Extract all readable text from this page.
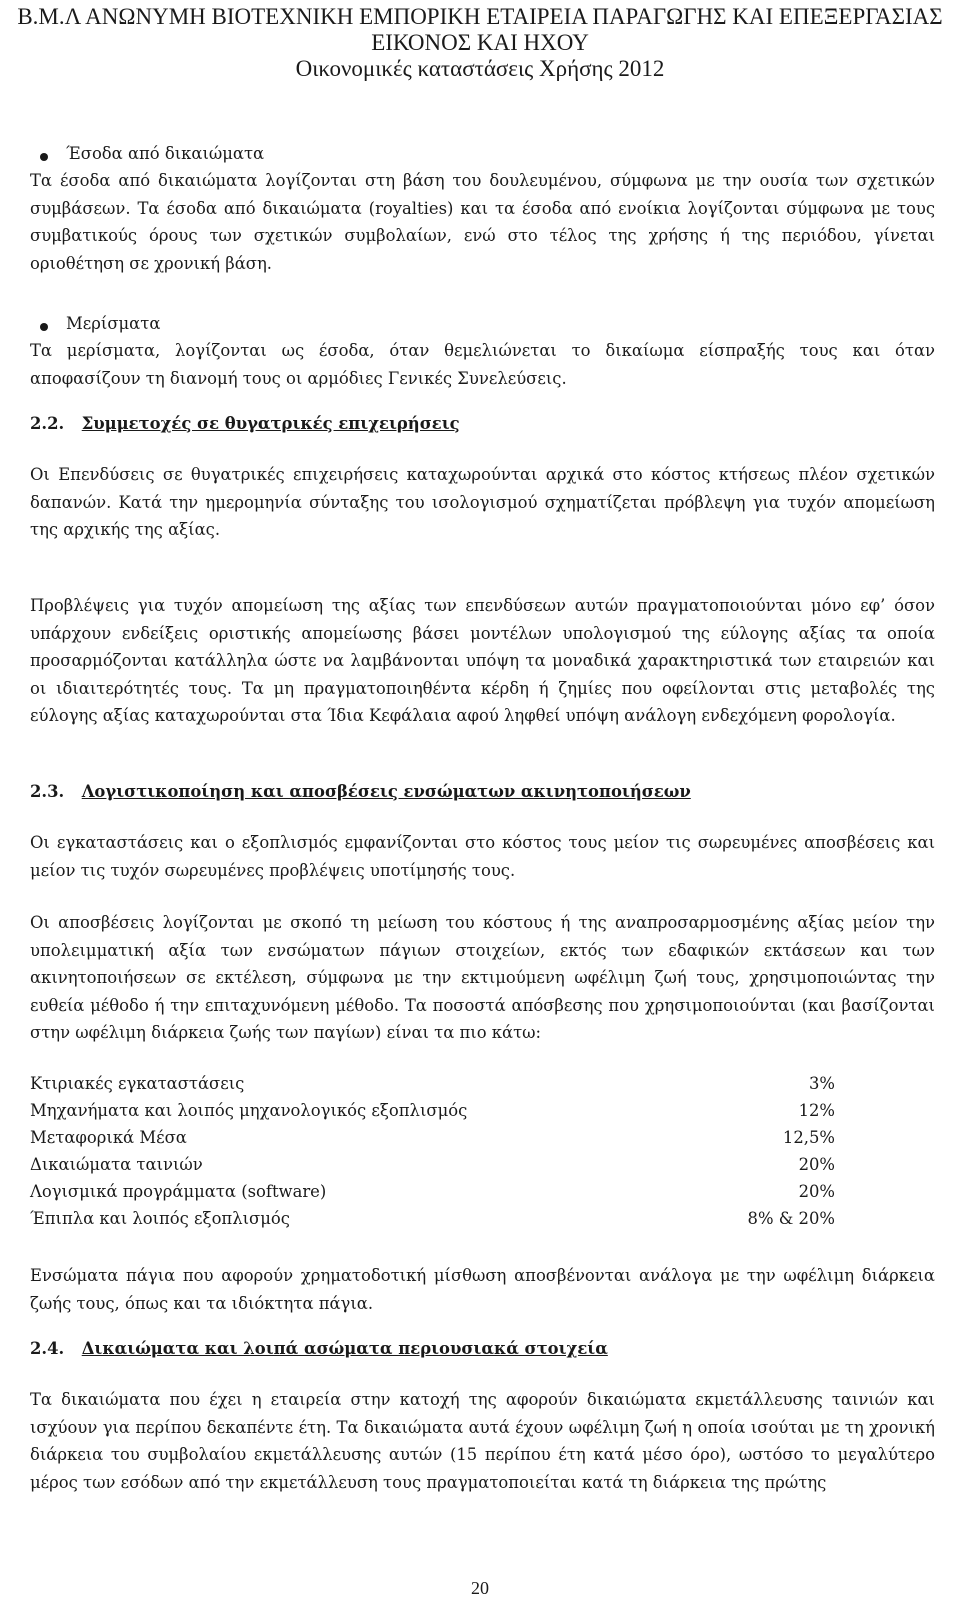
Β.Μ.Λ ΑΝΩΝΥΜΗ ΒΙΟΤΕΧΝΙΚΗ ΕΜΠΟΡΙΚΗ ΕΤΑΙΡΕΙΑ ΠΑΡΑΓΩΓΗΣ ΚΑΙ ΕΠΕΞΕΡΓΑΣΙΑΣ
ΕΙΚΟΝΟΣ ΚΑΙ ΗΧΟΥ
Οικονομικές καταστάσεις Χρήσης 2012
Έσοδα από δικαιώματα
Τα έσοδα από δικαιώματα λογίζονται στη βάση του δουλευμένου, σύμφωνα με την ουσία των σχετικών συμβάσεων. Τα έσοδα από δικαιώματα (royalties) και τα έσοδα από ενοίκια λογίζονται σύμφωνα με τους συμβατικούς όρους των σχετικών συμβολαίων, ενώ στο τέλος της χρήσης ή της περιόδου, γίνεται οριοθέτηση σε χρονική βάση.
Μερίσματα
Τα μερίσματα, λογίζονται ως έσοδα, όταν θεμελιώνεται το δικαίωμα είσπραξής τους και όταν αποφασίζουν τη διανομή τους οι αρμόδιες Γενικές Συνελεύσεις.
2.2. Συμμετοχές σε θυγατρικές επιχειρήσεις
Οι Επενδύσεις σε θυγατρικές επιχειρήσεις καταχωρούνται αρχικά στο κόστος κτήσεως πλέον σχετικών δαπανών. Κατά την ημερομηνία σύνταξης του ισολογισμού σχηματίζεται πρόβλεψη για τυχόν απομείωση της αρχικής της αξίας.
Προβλέψεις για τυχόν απομείωση της αξίας των επενδύσεων αυτών πραγματοποιούνται μόνο εφ’ όσον υπάρχουν ενδείξεις οριστικής απομείωσης βάσει μοντέλων υπολογισμού της εύλογης αξίας τα οποία προσαρμόζονται κατάλληλα ώστε να λαμβάνονται υπόψη τα μοναδικά χαρακτηριστικά των εταιρειών και οι ιδιαιτερότητές τους. Τα μη πραγματοποιηθέντα κέρδη ή ζημίες που οφείλονται στις μεταβολές της εύλογης αξίας καταχωρούνται στα Ίδια Κεφάλαια αφού ληφθεί υπόψη ανάλογη ενδεχόμενη φορολογία.
2.3. Λογιστικοποίηση και αποσβέσεις ενσώματων ακινητοποιήσεων
Οι εγκαταστάσεις και ο εξοπλισμός εμφανίζονται στο κόστος τους μείον τις σωρευμένες αποσβέσεις και μείον τις τυχόν σωρευμένες προβλέψεις υποτίμησής τους.
Οι αποσβέσεις λογίζονται με σκοπό τη μείωση του κόστους ή της αναπροσαρμοσμένης αξίας μείον την υπολειμματική αξία των ενσώματων πάγιων στοιχείων, εκτός των εδαφικών εκτάσεων και των ακινητοποιήσεων σε εκτέλεση, σύμφωνα με την εκτιμούμενη ωφέλιμη ζωή τους, χρησιμοποιώντας την ευθεία μέθοδο ή την επιταχυνόμενη μέθοδο. Τα ποσοστά απόσβεσης που χρησιμοποιούνται (και βασίζονται στην ωφέλιμη διάρκεια ζωής των παγίων) είναι τα πιο κάτω:
Κτιριακές εγκαταστάσεις	3%
Μηχανήματα και λοιπός μηχανολογικός εξοπλισμός	12%
Μεταφορικά Μέσα	12,5%
Δικαιώματα ταινιών	20%
Λογισμικά προγράμματα (software)	20%
Έπιπλα και λοιπός εξοπλισμός	8% & 20%
Ενσώματα πάγια που αφορούν χρηματοδοτική μίσθωση αποσβένονται ανάλογα με την ωφέλιμη διάρκεια ζωής τους, όπως και τα ιδιόκτητα πάγια.
2.4. Δικαιώματα και λοιπά ασώματα περιουσιακά στοιχεία
Τα δικαιώματα που έχει η εταιρεία στην κατοχή της αφορούν δικαιώματα εκμετάλλευσης ταινιών και ισχύουν για περίπου δεκαπέντε έτη. Τα δικαιώματα αυτά έχουν ωφέλιμη ζωή η οποία ισούται με τη χρονική διάρκεια του συμβολαίου εκμετάλλευσης αυτών (15 περίπου έτη κατά μέσο όρο), ωστόσο το μεγαλύτερο μέρος των εσόδων από την εκμετάλλευση τους πραγματοποιείται κατά τη διάρκεια της πρώτης
20
